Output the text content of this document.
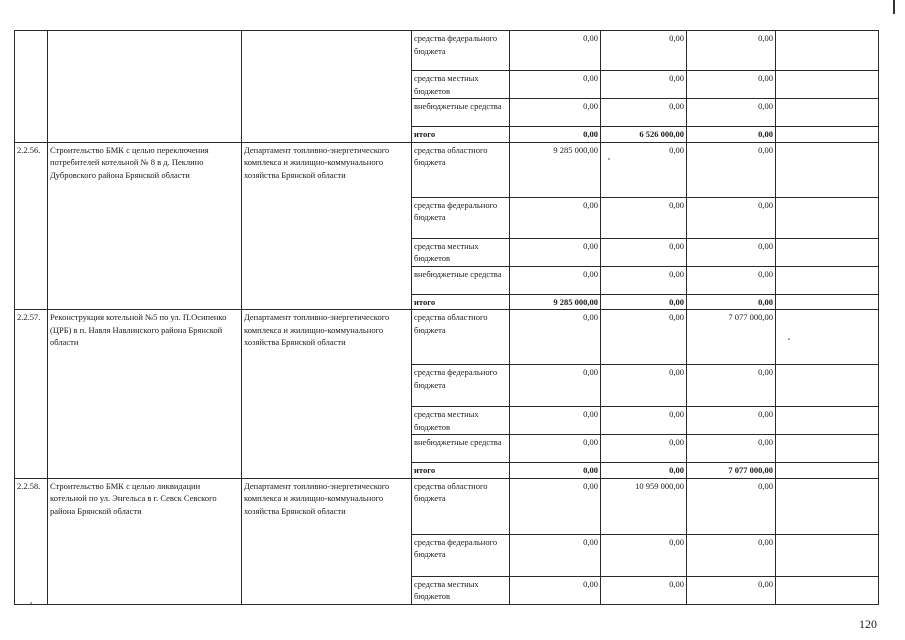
			средства федерального бюджета	0,00	0,00	0,00	
			средства местных бюджетов	0,00	0,00	0,00	
			внебюджетные средства	0,00	0,00	0,00	
			итого	0,00	6 526 000,00	0,00	
2.2.56.	Строительство БМК с целью переключения потребителей котельной № 8 в д. Пеклино Дубровского района Брянской области	Департамент топливно-энергетического комплекса и жилищно-коммунального хозяйства Брянской области	средства областного бюджета	9 285 000,00	0,00	0,00	
			средства федерального бюджета	0,00	0,00	0,00	
			средства местных бюджетов	0,00	0,00	0,00	
			внебюджетные средства	0,00	0,00	0,00	
			итого	9 285 000,00	0,00	0,00	
2.2.57.	Реконструкция котельной №5 по ул. П.Осипенко (ЦРБ) в п. Навля Навлинского района Брянской области	Департамент топливно-энергетического комплекса и жилищно-коммунального хозяйства Брянской области	средства областного бюджета	0,00	0,00	7 077 000,00	
			средства федерального бюджета	0,00	0,00	0,00	
			средства местных бюджетов	0,00	0,00	0,00	
			внебюджетные средства	0,00	0,00	0,00	
			итого	0,00	0,00	7 077 000,00	
2.2.58.	Строительство БМК с целью ликвидации котельной по ул. Энгельса в г. Севск Севского района Брянской области	Департамент топливно-энергетического комплекса и жилищно-коммунального хозяйства Брянской области	средства областного бюджета	0,00	10 959 000,00	0,00	
			средства федерального бюджета	0,00	0,00	0,00	
			средства местных бюджетов	0,00	0,00	0,00	
120
